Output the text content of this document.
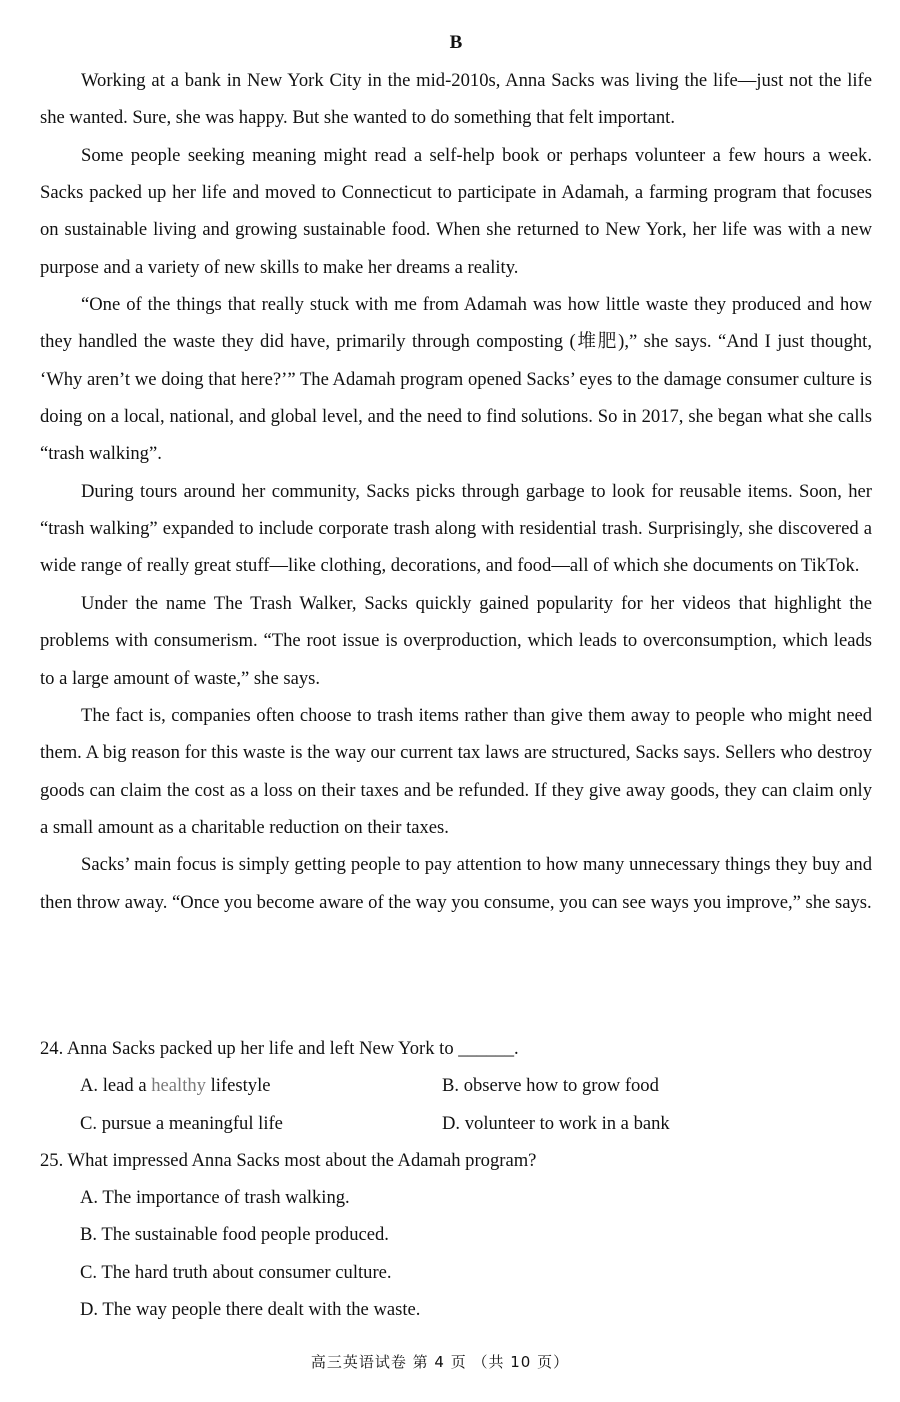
B

Working at a bank in New York City in the mid-2010s, Anna Sacks was living the life—just not the life she wanted. Sure, she was happy. But she wanted to do something that felt important.

Some people seeking meaning might read a self-help book or perhaps volunteer a few hours a week. Sacks packed up her life and moved to Connecticut to participate in Adamah, a farming program that focuses on sustainable living and growing sustainable food. When she returned to New York, her life was with a new purpose and a variety of new skills to make her dreams a reality.

“One of the things that really stuck with me from Adamah was how little waste they produced and how they handled the waste they did have, primarily through composting (堆肥),” she says. “And I just thought, ‘Why aren’t we doing that here?’” The Adamah program opened Sacks’ eyes to the damage consumer culture is doing on a local, national, and global level, and the need to find solutions. So in 2017, she began what she calls “trash walking”.

During tours around her community, Sacks picks through garbage to look for reusable items. Soon, her “trash walking” expanded to include corporate trash along with residential trash. Surprisingly, she discovered a wide range of really great stuff—like clothing, decorations, and food—all of which she documents on TikTok.

Under the name The Trash Walker, Sacks quickly gained popularity for her videos that highlight the problems with consumerism. “The root issue is overproduction, which leads to overconsumption, which leads to a large amount of waste,” she says.

The fact is, companies often choose to trash items rather than give them away to people who might need them. A big reason for this waste is the way our current tax laws are structured, Sacks says. Sellers who destroy goods can claim the cost as a loss on their taxes and be refunded. If they give away goods, they can claim only a small amount as a charitable reduction on their taxes.

Sacks’ main focus is simply getting people to pay attention to how many unnecessary things they buy and then throw away. “Once you become aware of the way you consume, you can see ways you improve,” she says.

24. Anna Sacks packed up her life and left New York to ______.

A. lead a healthy lifestyle	B. observe how to grow food
C. pursue a meaningful life	D. volunteer to work in a bank

25. What impressed Anna Sacks most about the Adamah program?

A. The importance of trash walking.

B. The sustainable food people produced.

C. The hard truth about consumer culture.

D. The way people there dealt with the waste.

高三英语试卷 第 4 页 （共 10 页）
